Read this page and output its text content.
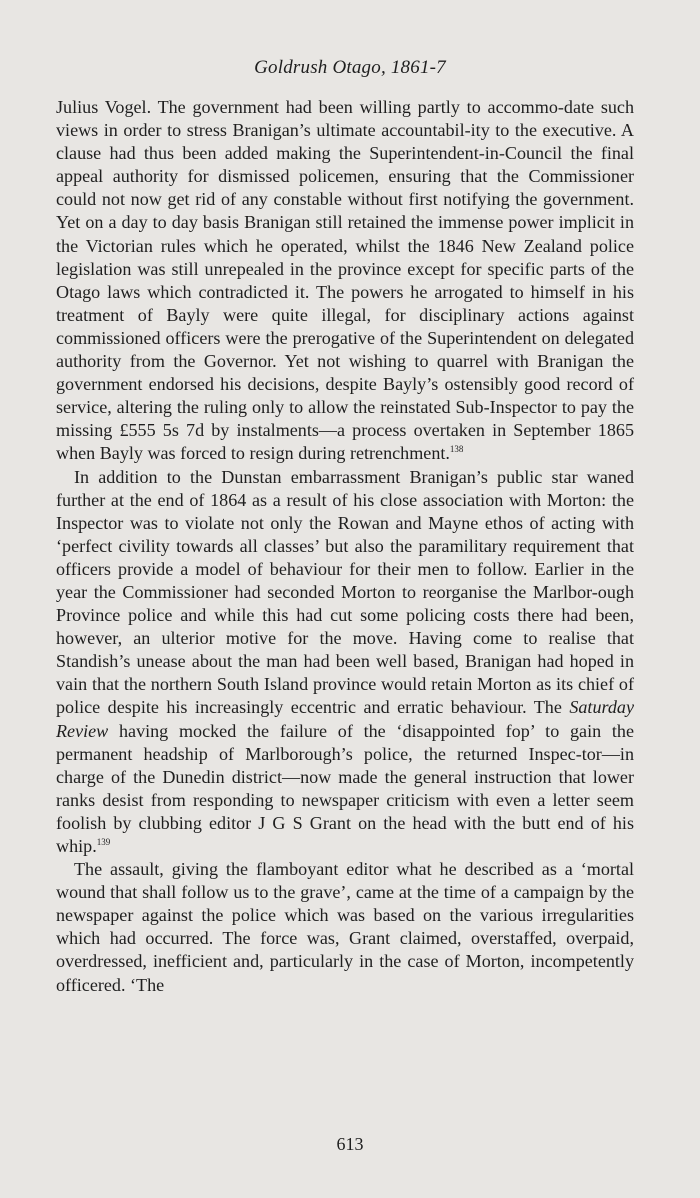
Goldrush Otago, 1861-7

Julius Vogel. The government had been willing partly to accommo-date such views in order to stress Branigan’s ultimate accountabil-ity to the executive. A clause had thus been added making the Superintendent-in-Council the final appeal authority for dismissed policemen, ensuring that the Commissioner could not now get rid of any constable without first notifying the government. Yet on a day to day basis Branigan still retained the immense power implicit in the Victorian rules which he operated, whilst the 1846 New Zealand police legislation was still unrepealed in the province except for specific parts of the Otago laws which contradicted it. The powers he arrogated to himself in his treatment of Bayly were quite illegal, for disciplinary actions against commissioned officers were the prerogative of the Superintendent on delegated authority from the Governor. Yet not wishing to quarrel with Branigan the government endorsed his decisions, despite Bayly’s ostensibly good record of service, altering the ruling only to allow the reinstated Sub-Inspector to pay the missing £555 5s 7d by instalments—a process overtaken in September 1865 when Bayly was forced to resign during retrenchment.$^{138}$

In addition to the Dunstan embarrassment Branigan’s public star waned further at the end of 1864 as a result of his close association with Morton: the Inspector was to violate not only the Rowan and Mayne ethos of acting with ‘perfect civility towards all classes’ but also the paramilitary requirement that officers provide a model of behaviour for their men to follow. Earlier in the year the Commissioner had seconded Morton to reorganise the Marlbor-ough Province police and while this had cut some policing costs there had been, however, an ulterior motive for the move. Having come to realise that Standish’s unease about the man had been well based, Branigan had hoped in vain that the northern South Island province would retain Morton as its chief of police despite his increasingly eccentric and erratic behaviour. The Saturday Review having mocked the failure of the ‘disappointed fop’ to gain the permanent headship of Marlborough’s police, the returned Inspec-tor—in charge of the Dunedin district—now made the general instruction that lower ranks desist from responding to newspaper criticism with even a letter seem foolish by clubbing editor J G S Grant on the head with the butt end of his whip.$^{139}$

The assault, giving the flamboyant editor what he described as a ‘mortal wound that shall follow us to the grave’, came at the time of a campaign by the newspaper against the police which was based on the various irregularities which had occurred. The force was, Grant claimed, overstaffed, overpaid, overdressed, inefficient and, particularly in the case of Morton, incompetently officered. ‘The

613
